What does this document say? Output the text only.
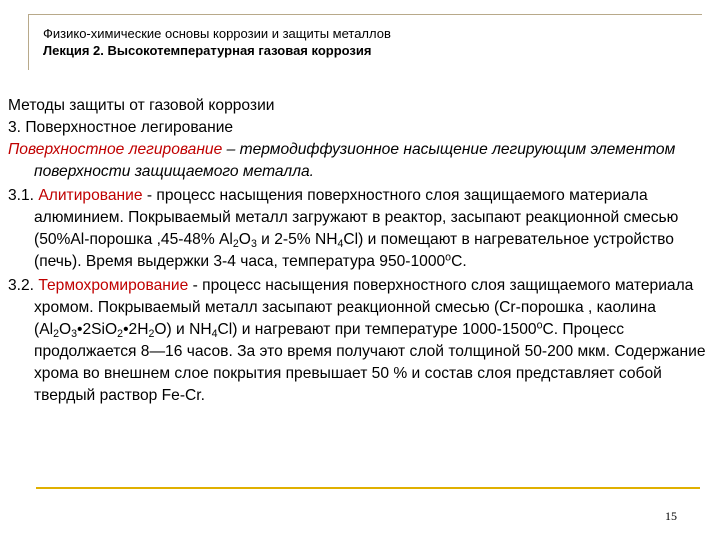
Физико-химические основы коррозии и защиты металлов
Лекция 2. Высокотемпературная газовая коррозия

Методы защиты от газовой коррозии

3. Поверхностное легирование

Поверхностное легирование – термодиффузионное насыщение легирующим элементом поверхности защищаемого металла.

3.1. Алитирование - процесс насыщения поверхностного слоя защищаемого материала алюминием. Покрываемый металл загружают в реактор, засыпают реакционной смесью (50%Al-порошка ,45-48% $Al_2O_3$ и 2-5% $NH_4Cl$) и помещают в нагревательное устройство (печь). Время выдержки 3-4 часа, температура $950-1000^оС$.

3.2. Термохромирование - процесс насыщения поверхностного слоя защищаемого материала хромом. Покрываемый металл засыпают реакционной смесью (Cr-порошка , каолина $(Al_2O_3•2SiO_2•2H_2O)$ и $NH_4Cl$) и нагревают при температуре $1000-1500^оС$. Процесс продолжается 8—16 часов. За это время получают слой толщиной 50-200 мкм. Содержание хрома во внешнем слое покрытия превышает 50 % и состав слоя представляет собой твердый раствор Fe-Cr.

15
